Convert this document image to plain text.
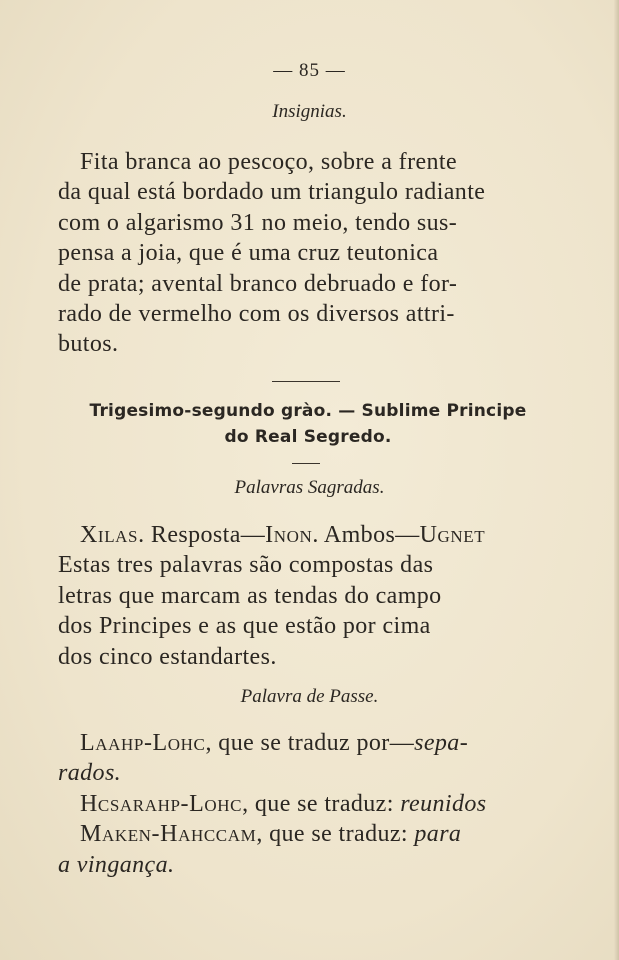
— 85 —
Insignias.

Fita branca ao pescoço, sobre a frente

da qual está bordado um triangulo radiante

com o algarismo 31 no meio, tendo sus-

pensa a joia, que é uma cruz teutonica

de prata; avental branco debruado e for-

rado de vermelho com os diversos attri-

butos.

Trigesimo-segundo grào. — Sublime Principe
do Real Segredo.
Palavras Sagradas.

Xilas. Resposta—Inon. Ambos—Ugnet

Estas tres palavras são compostas das

letras que marcam as tendas do campo

dos Principes e as que estão por cima

dos cinco estandartes.

Palavra de Passe.

Laahp-Lohc, que se traduz por—sepa-

rados.

Hcsarahp-Lohc, que se traduz: reunidos

Maken-Hahccam, que se traduz: para

a vingança.
